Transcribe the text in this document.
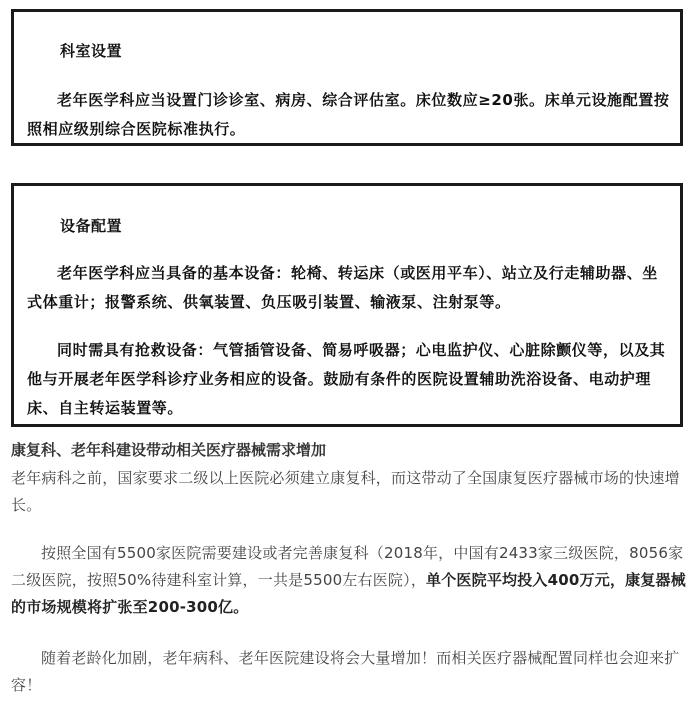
科室设置

老年医学科应当设置门诊诊室、病房、综合评估室。床位数应≥20张。床单元设施配置按照相应级别综合医院标准执行。

设备配置

老年医学科应当具备的基本设备：轮椅、转运床（或医用平车）、站立及行走辅助器、坐式体重计；报警系统、供氧装置、负压吸引装置、输液泵、注射泵等。

同时需具有抢救设备：气管插管设备、简易呼吸器；心电监护仪、心脏除颤仪等，以及其他与开展老年医学科诊疗业务相应的设备。鼓励有条件的医院设置辅助洗浴设备、电动护理床、自主转运装置等。

康复科、老年科建设带动相关医疗器械需求增加

老年病科之前，国家要求二级以上医院必须建立康复科，而这带动了全国康复医疗器械市场的快速增长。

按照全国有5500家医院需要建设或者完善康复科（2018年，中国有2433家三级医院，8056家二级医院，按照50%待建科室计算，一共是5500左右医院），单个医院平均投入400万元，康复器械的市场规模将扩张至200-300亿。

随着老龄化加剧，老年病科、老年医院建设将会大量增加！而相关医疗器械配置同样也会迎来扩容！
